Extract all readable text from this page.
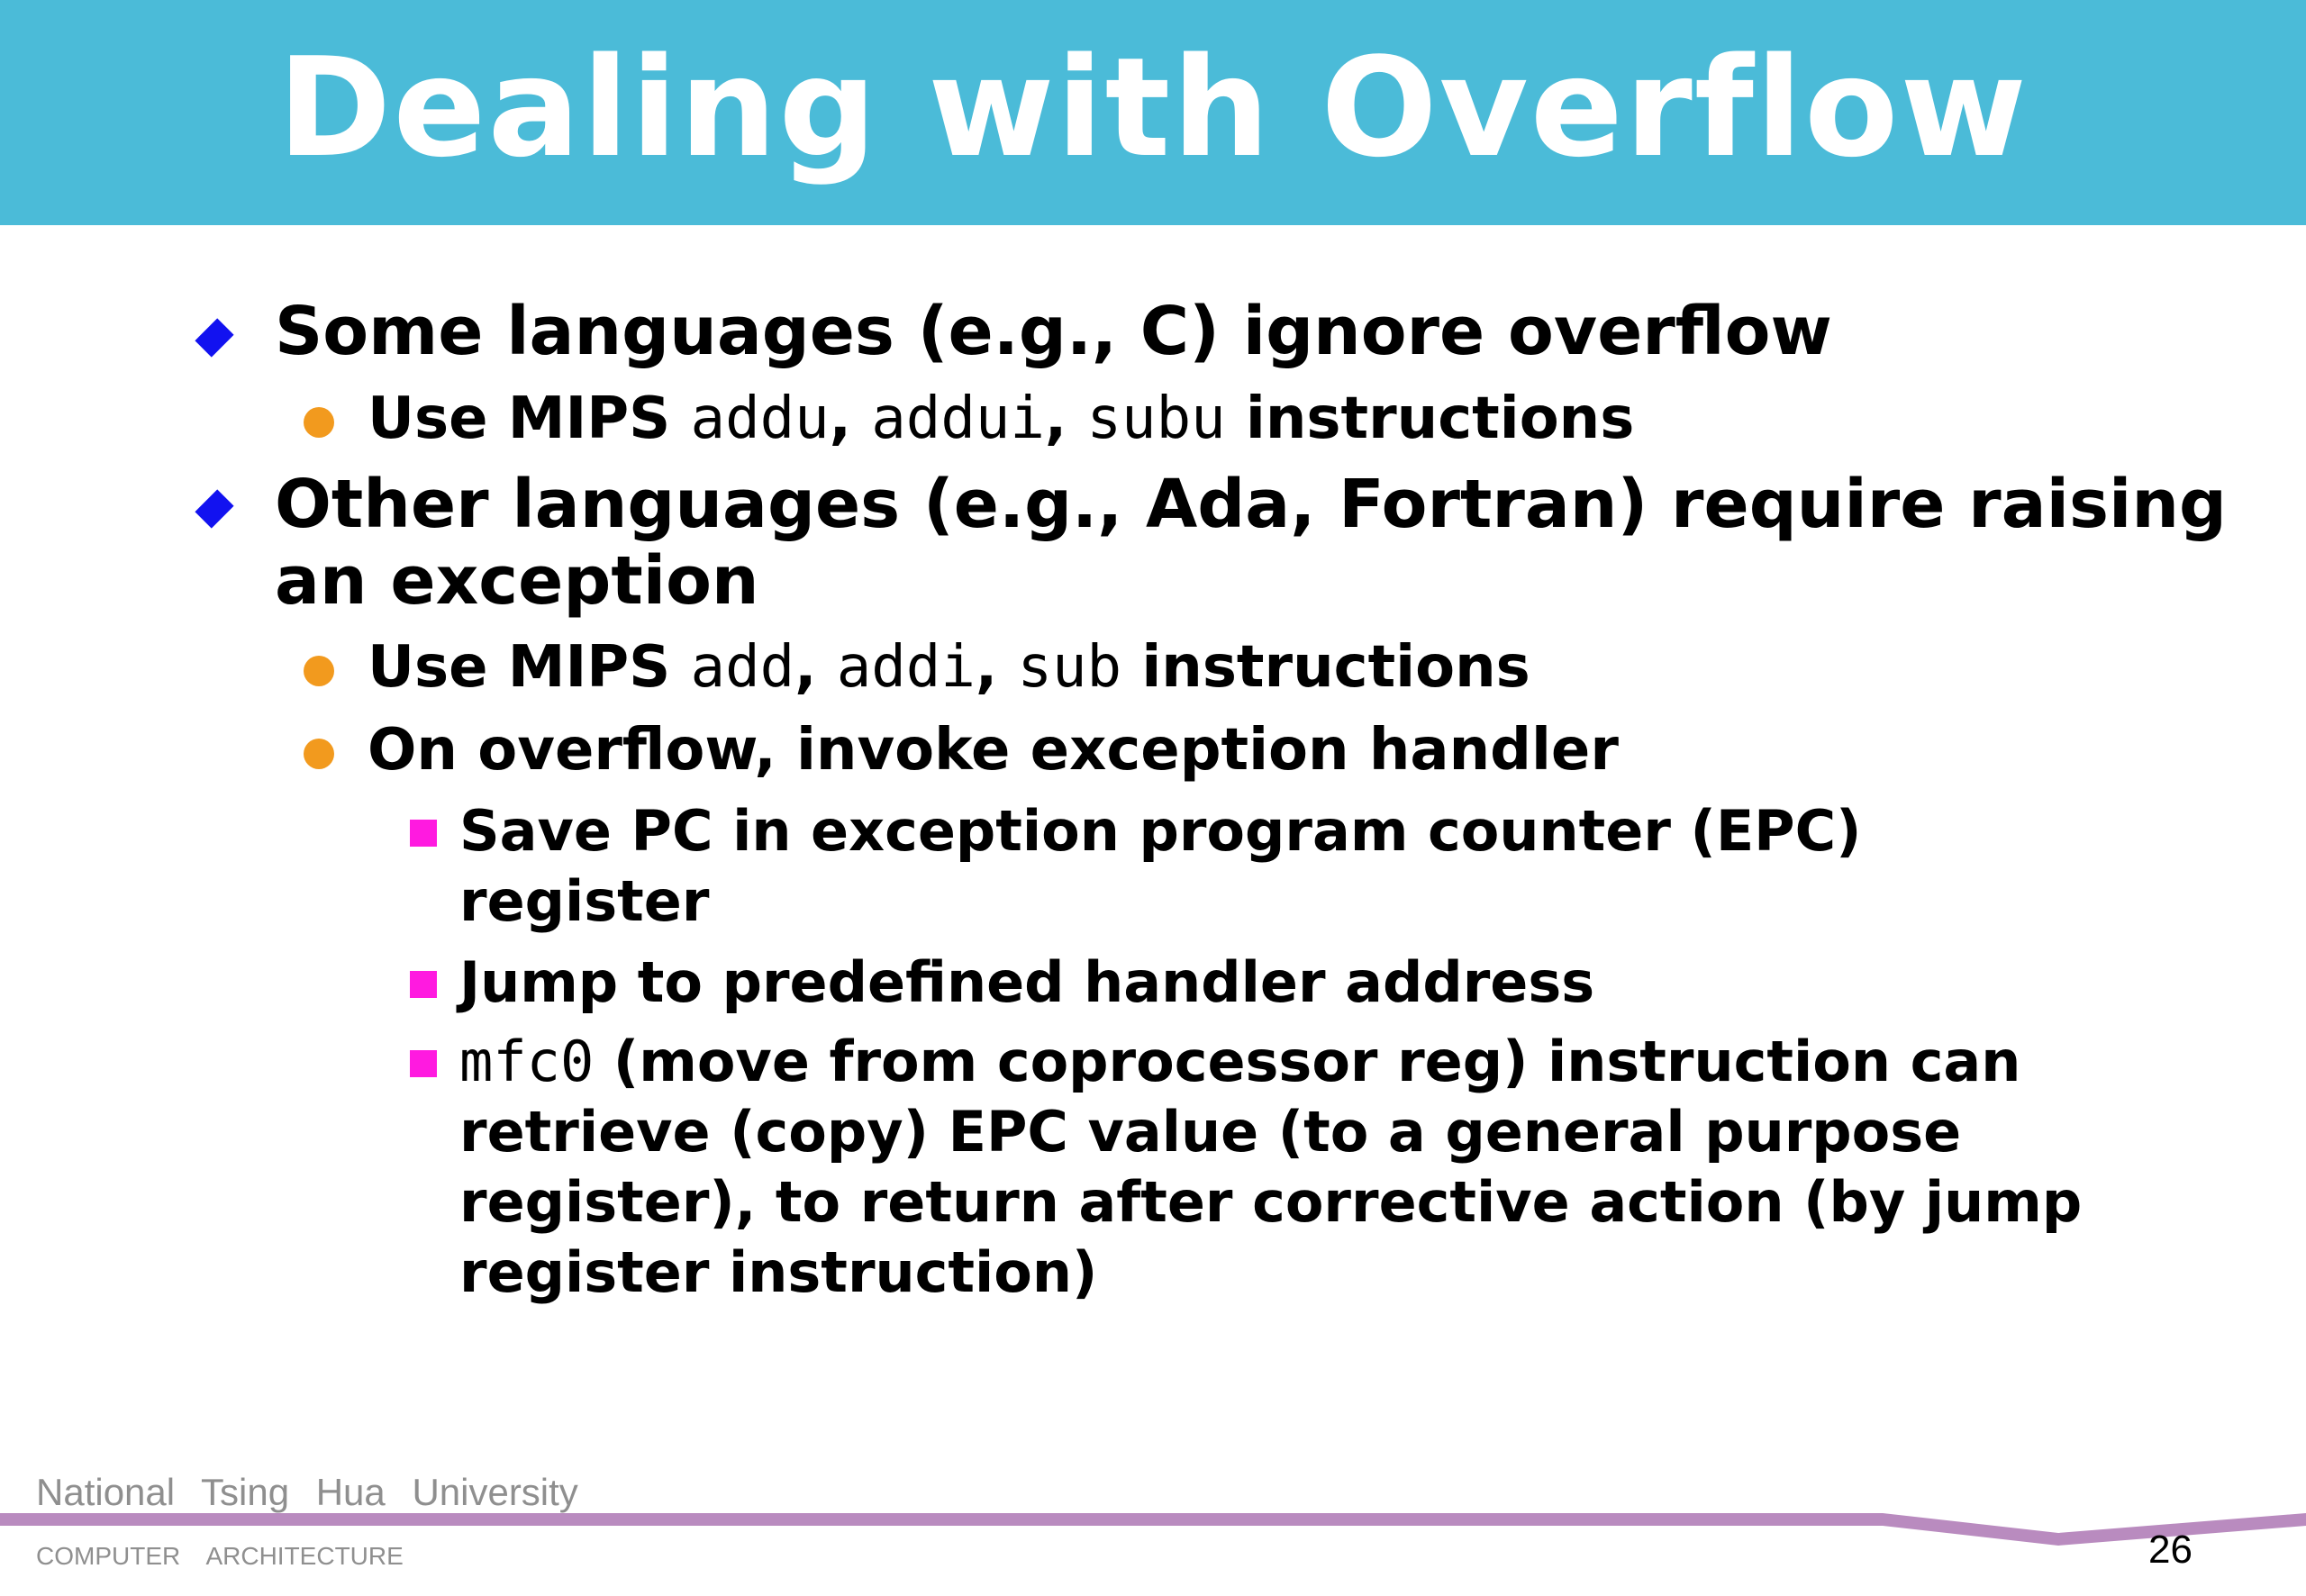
Dealing with Overflow
Some languages (e.g., C) ignore overflow
Use MIPS addu, addui, subu instructions
Other languages (e.g., Ada, Fortran) require raising
an exception
Use MIPS add, addi, sub instructions
On overflow, invoke exception handler
Save PC in exception program counter (EPC)
register
Jump to predefined handler address
mfc0 (move from coprocessor reg) instruction can
retrieve (copy) EPC value (to a general purpose
register), to return after corrective action (by jump
register instruction)
National Tsing Hua University
COMPUTER ARCHITECTURE	26
